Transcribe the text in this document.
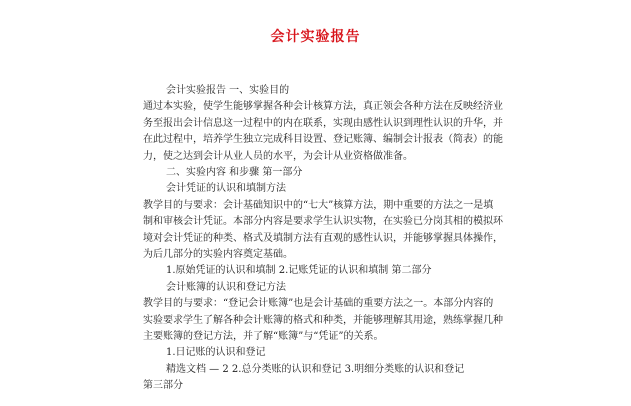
会计实验报告
会计实验报告 一、实验目的
通过本实验，使学生能够掌握各种会计核算方法，真正领会各种方法在反映经济业
务至报出会计信息这一过程中的内在联系，实现由感性认识到理性认识的升华，并
在此过程中，培养学生独立完成科目设置、登记账簿、编制会计报表（简表）的能
力，使之达到会计从业人员的水平，为会计从业资格做准备。
二、实验内容 和步骤 第一部分
会计凭证的认识和填制方法
教学目的与要求：会计基础知识中的“七大”核算方法，期中重要的方法之一是填
制和审核会计凭证。本部分内容是要求学生认识实物，在实验已分岗其相的模拟环
境对会计凭证的种类、格式及填制方法有直观的感性认识，并能够掌握具体操作，
为后几部分的实验内容奠定基础。
1.原始凭证的认识和填制 2.记账凭证的认识和填制 第二部分
会计账簿的认识和登记方法
教学目的与要求：“登记会计账簿”也是会计基础的重要方法之一。本部分内容的
实验要求学生了解各种会计账簿的格式和种类，并能够理解其用途，熟练掌握几种
主要账簿的登记方法，并了解“账簿”与“凭证”的关系。
1.日记账的认识和登记
精选文档 — 2 2.总分类账的认识和登记 3.明细分类账的认识和登记
第三部分
